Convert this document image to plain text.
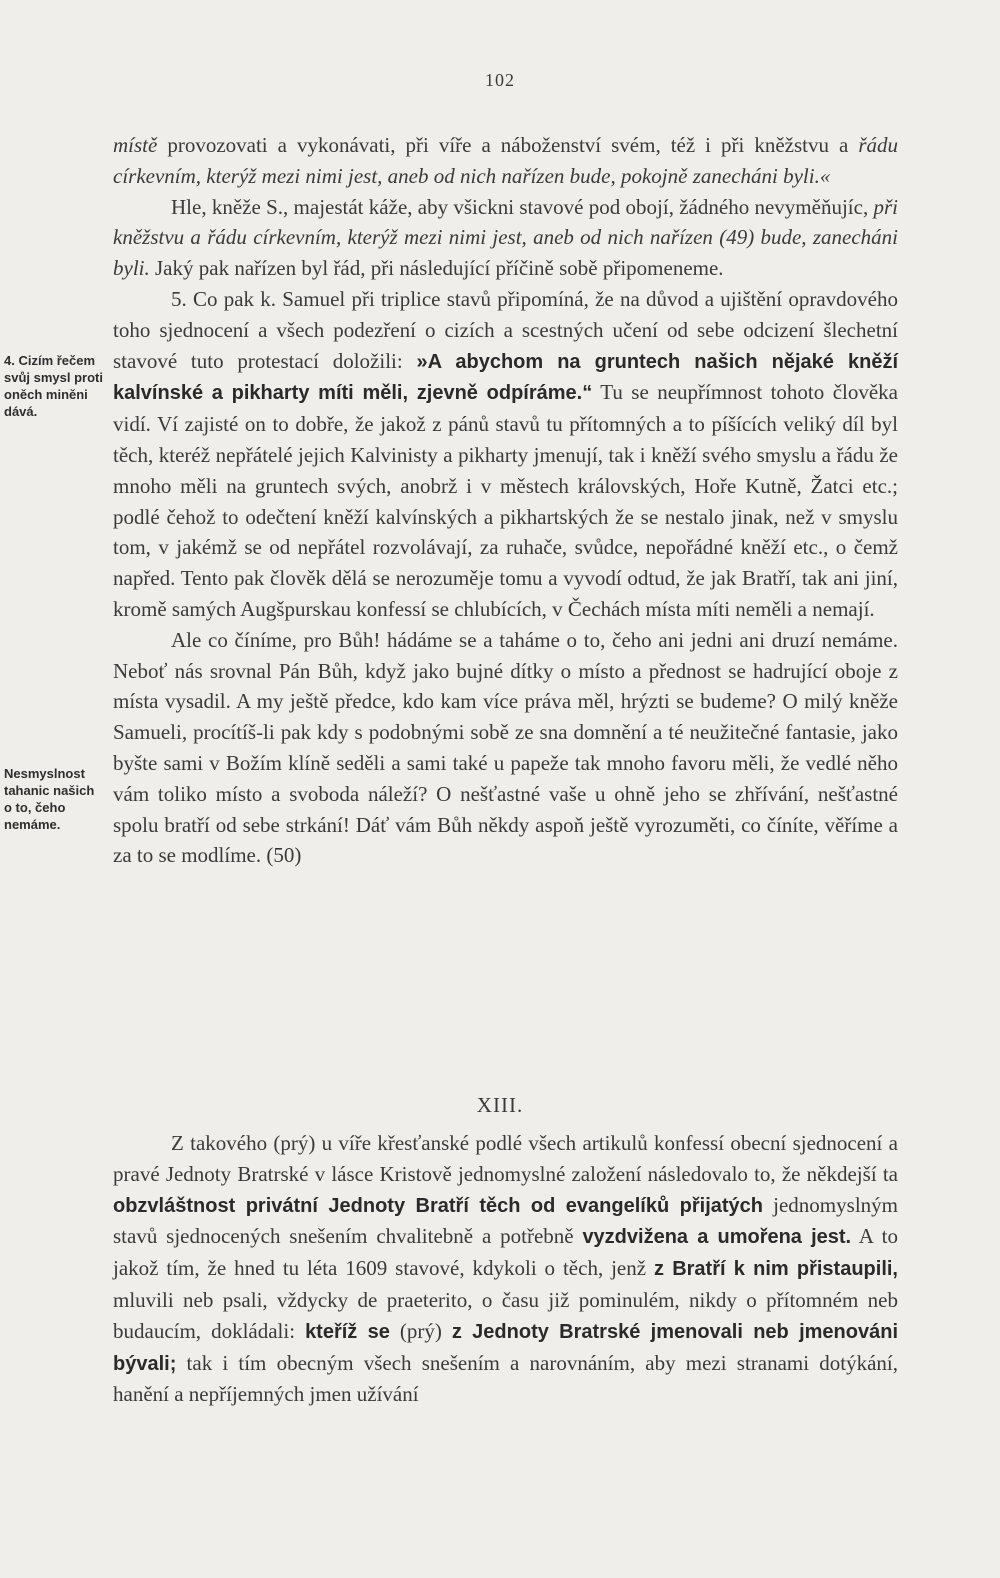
102
4. Cizím řečem svůj smysl proti oněch miněni dává.
Nesmyslnost tahanic našich o to, čeho nemáme.

místě provozovati a vykonávati, při víře a náboženství svém, též i při kněžstvu a řádu církevním, kterýž mezi nimi jest, aneb od nich nařízen bude, pokojně zanecháni byli.«

Hle, kněže S., majestát káže, aby všickni stavové pod obojí, žádného nevyměňujíc, při kněžstvu a řádu církevním, kterýž mezi nimi jest, aneb od nich nařízen (49) bude, zanecháni byli. Jaký pak nařízen byl řád, při následující příčině sobě připomeneme.

5. Co pak k. Samuel při triplice stavů připomíná, že na důvod a ujištění opravdového toho sjednocení a všech podezření o cizích a scestných učení od sebe odcizení šlechetní stavové tuto protestací doložili: »A abychom na gruntech našich nějaké kněží kalvínské a pikharty míti měli, zjevně odpíráme.“ Tu se neupřímnost tohoto člověka vidí. Ví zajisté on to dobře, že jakož z pánů stavů tu přítomných a to píšících veliký díl byl těch, kteréž nepřátelé jejich Kalvinisty a pikharty jmenují, tak i kněží svého smyslu a řádu že mnoho měli na gruntech svých, anobrž i v městech královských, Hoře Kutně, Žatci etc.; podlé čehož to odečtení kněží kalvínských a pikhartských že se nestalo jinak, než v smyslu tom, v jakémž se od nepřátel rozvolávají, za ruhače, svůdce, nepořádné kněží etc., o čemž napřed. Tento pak člověk dělá se nerozuměje tomu a vyvodí odtud, že jak Bratří, tak ani jiní, kromě samých Augšpurskau konfessí se chlubících, v Čechách místa míti neměli a nemají.

Ale co číníme, pro Bůh! hádáme se a tahámе o to, čeho ani jedni ani druzí nemáme. Neboť nás srovnal Pán Bůh, když jako bujné dítky o místo a přednost se hadrující oboje z místa vysadil. A my ještě předce, kdo kam více práva měl, hrýzti se budeme? O milý kněže Samueli, procítíš-li pak kdy s podobnými sobě ze sna domnění a té neužitečné fantasie, jako byšte sami v Božím klíně seděli a sami také u papeže tak mnoho favoru měli, že vedlé něho vám toliko místo a svoboda náleží? O nešťastné vaše u ohně jeho se zhřívání, nešťastné spolu bratří od sebe strkání! Dáť vám Bůh někdy aspoň ještě vyrozuměti, co číníte, věříme a za to se modlíme. (50)

XIII.

Z takového (prý) u víře křesťanské podlé všech artikulů konfessí obecní sjednocení a pravé Jednoty Bratrské v lásce Kristově jednomyslné založení následovalo to, že někdejší ta obzvláštnost privátní Jednoty Bratří těch od evangelíků přijatých jednomyslným stavů sjednocených snešením chvalitebně a potřebně vyzdvižena a umořena jest. A to jakož tím, že hned tu léta 1609 stavové, kdykoli o těch, jenž z Bratří k nim přistaupili, mluvili neb psali, vždycky de praeterito, o času již pominulém, nikdy o přítomném neb budaucím, dokládali: kteříž se (prý) z Jednoty Bratrské jmenovali neb jmenováni bývali; tak i tím obecným všech snešením a narovnáním, aby mezi stranami dotýkání, hanění a nepříjemných jmen užívání
